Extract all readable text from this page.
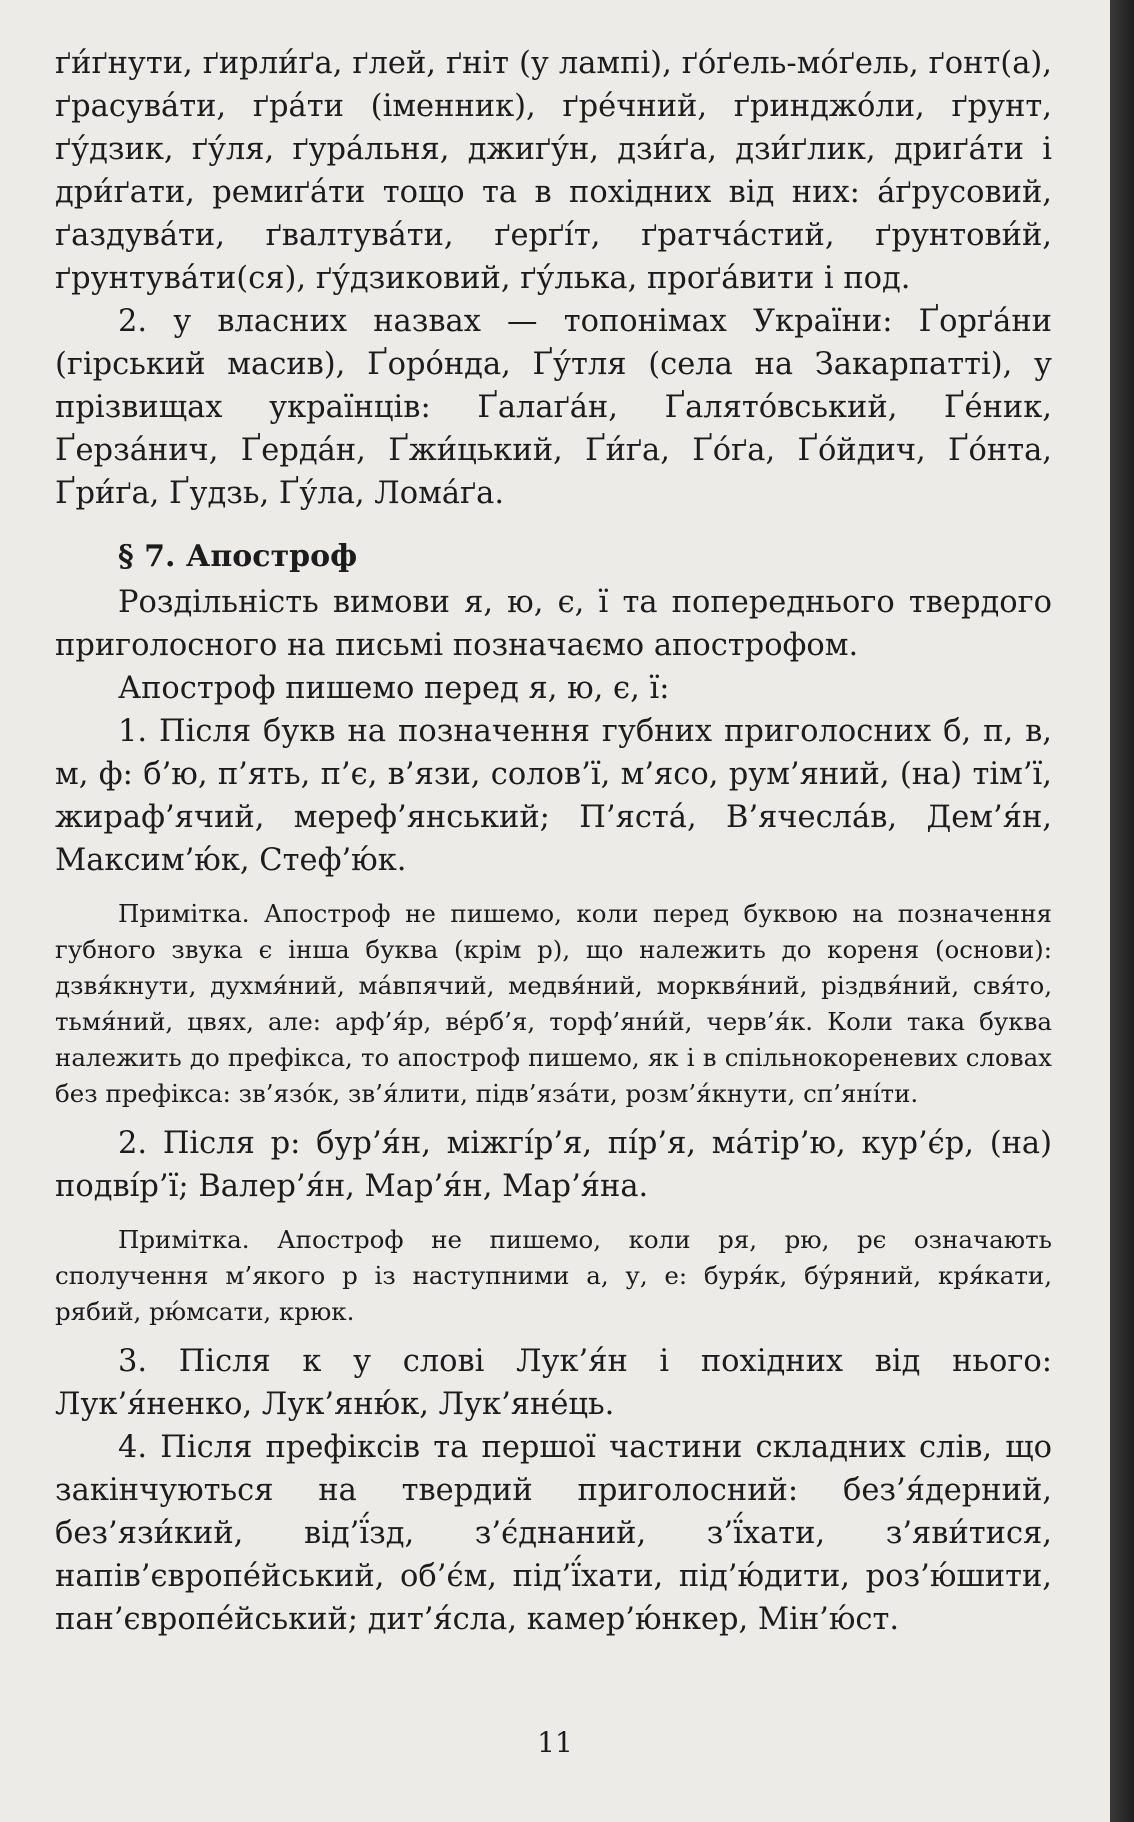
ґи́ґнути, ґирли́ґа, ґлей, ґніт (у лампі), ґо́ґель-мо́ґель, ґонт(а), ґрасува́ти, ґра́ти (іменник), ґре́чний, ґринджо́ли, ґрунт, ґу́дзик, ґу́ля, ґура́льня, джиґу́н, дзи́ґа, дзи́ґлик, дриґа́ти і дри́ґати, ремиґа́ти тощо та в похідних від них: а́ґрусовий, ґаздува́ти, ґвалтува́ти, ґерґі́т, ґратча́стий, ґрунтови́й, ґрунтува́ти(ся), ґу́дзиковий, ґу́лька, проґа́вити і под.

2. у власних назвах — топонімах України: Ґорґа́ни (гірський масив), Ґоро́нда, Ґу́тля (села на Закарпатті), у прізвищах українців: Ґалаґа́н, Ґалято́вський, Ґе́ник, Ґерза́нич, Ґерда́н, Ґжи́цький, Ґи́ґа, Ґо́ґа, Ґо́йдич, Ґо́нта, Ґри́ґа, Ґудзь, Ґу́ла, Лома́ґа.

§ 7. Апостроф

Роздільність вимови я, ю, є, ї та попереднього твердого приголосного на письмі позначаємо апострофом.

Апостроф пишемо перед я, ю, є, ї:

1. Після букв на позначення губних приголосних б, п, в, м, ф: б’ю, п’ять, п’є, в’язи, солов’ї, м’ясо, рум’яний, (на) тім’ї, жираф’ячий, мереф’янський; П’ястá, В’ячесла́в, Дем’я́н, Максим’ю́к, Стеф’ю́к.

Примітка. Апостроф не пишемо, коли перед буквою на позначення губного звука є інша буква (крім р), що належить до кореня (основи): дзвя́кнути, духмя́ний, ма́впячий, медвя́ний, морквя́ний, різдвя́ний, свя́то, тьмя́ний, цвях, але: арф’я́р, ве́рб’я, торф’яни́й, черв’я́к. Коли така буква належить до префікса, то апостроф пишемо, як і в спільнокореневих словах без префікса: зв’язо́к, зв’я́лити, підв’яза́ти, розм’я́кнути, сп’яні́ти.

2. Після р: бур’я́н, міжгі́р’я, пі́р’я, ма́тір’ю, кур’є́р, (на) подві́р’ї; Валер’я́н, Мар’я́н, Мар’я́на.

Примітка. Апостроф не пишемо, коли ря, рю, рє означають сполучення м’якого р із наступними а, у, е: буря́к, бу́ряний, кря́кати, рябий, рю́мсати, крюк.

3. Після к у слові Лук’я́н і похідних від нього: Лук’я́ненко, Лук’яню́к, Лук’яне́ць.

4. Після префіксів та першої частини складних слів, що закінчуються на твердий приголосний: без’я́дерний, без’язи́кий, від’ї́зд, з’є́днаний, з’ї́хати, з’яви́тися, напів’європе́йський, об’є́м, під’ї́хати, під’ю́дити, роз’ю́шити, пан’європе́йський; дит’я́сла, камер’ю́нкер, Мін’ю́ст.

11
